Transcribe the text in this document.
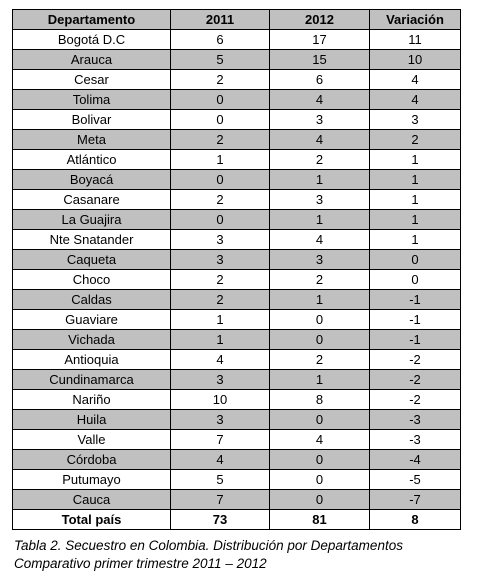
Departamento	2011	2012	Variación
Bogotá D.C	6	17	11
Arauca	5	15	10
Cesar	2	6	4
Tolima	0	4	4
Bolivar	0	3	3
Meta	2	4	2
Atlántico	1	2	1
Boyacá	0	1	1
Casanare	2	3	1
La Guajira	0	1	1
Nte Snatander	3	4	1
Caqueta	3	3	0
Choco	2	2	0
Caldas	2	1	-1
Guaviare	1	0	-1
Vichada	1	0	-1
Antioquia	4	2	-2
Cundinamarca	3	1	-2
Nariño	10	8	-2
Huila	3	0	-3
Valle	7	4	-3
Córdoba	4	0	-4
Putumayo	5	0	-5
Cauca	7	0	-7
Total país	73	81	8
Tabla 2. Secuestro en Colombia. Distribución por Departamentos
Comparativo primer trimestre 2011 – 2012
